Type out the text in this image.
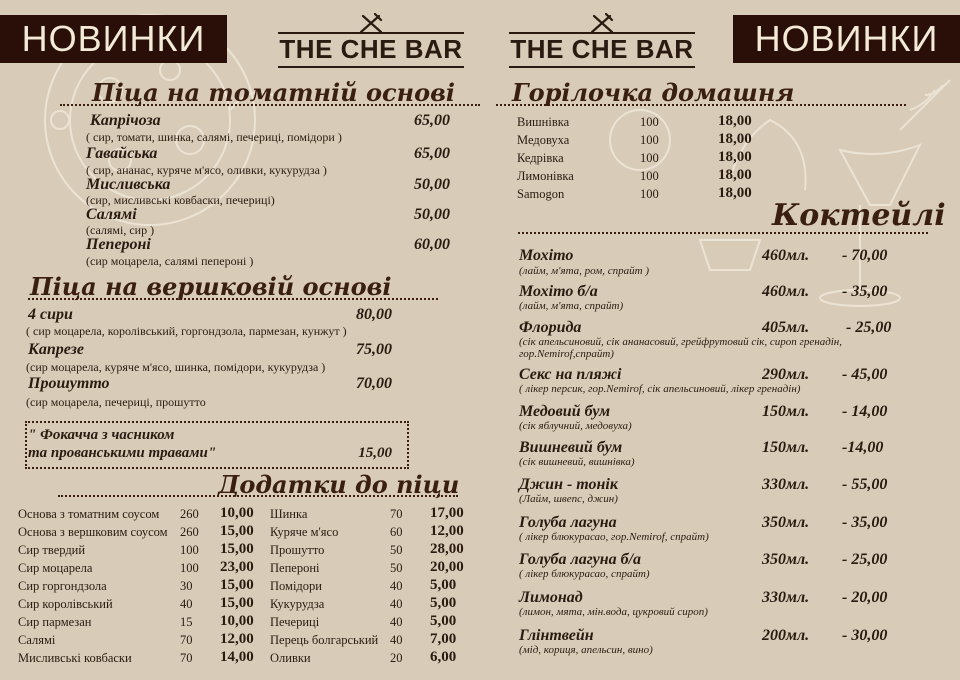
НОВИНКИ	НОВИНКИ
THE CHE BAR THE CHE BAR
Піца на томатній основі
Капрічоза	65,00
( сир, томати, шинка, салямі, печериці, помідори )
Гавайська	65,00
( сир, ананас, куряче м'ясо, оливки, кукурудза )
Мисливська	50,00
(сир, мисливські ковбаски, печериці)
Салямі	50,00
(салямі, сир )
Пепероні	60,00
(сир моцарела, салямі пепероні )
Піца на вершковій основі
4 сири	80,00
( сир моцарела, королівський, горгондзола, пармезан, кунжут )
Капрезе	75,00
(сир моцарела, куряче м'ясо, шинка, помідори, кукурудза )
Прошутто	70,00
(сир моцарела, печериці, прошутто
" Фокачча з часником
та прованськими травами"	15,00
Додатки до піци
Основа з томатним соусом 260 10,00
Основа з вершковим соусом 260 15,00
Сир твердий	100 15,00
Сир моцарела	100 23,00
Сир горгондзола	30 15,00
Сир королівський	40 15,00
Сир пармезан	15 10,00
Салямі	70 12,00
Мисливські ковбаски	70 14,00
Шинка	70 17,00
Куряче м'ясо	60 12,00
Прошутто	50 28,00
Пепероні	50 20,00
Помідори	40 5,00
Кукурудза	40 5,00
Печериці	40 5,00
Перець болгарський 40 7,00
Оливки	20 6,00
Горілочка домашня
Вишнівка	100	18,00
Медовуха	100	18,00
Кедрівка	100	18,00
Лимонівка	100	18,00
Samogon	100	18,00
Коктейлі
Мохіто	460мл. - 70,00
(лайм, м'ята, ром, спрайт )
Мохіто б/а	460мл. - 35,00
(лайм, м'ята, спрайт)
Флорида	405мл. - 25,00
(сік апельсиновий, сік ананасовий, грейфрутовий сік, сироп гренадін,
гор.Nemirof,спрайт)
Секс на пляжі	290мл. - 45,00
( лікер персик, гор.Nemirof, сік апельсиновий, лікер гренадін)
Медовий бум	150мл. - 14,00
(сік яблучний, медовуха)
Вишневий бум	150мл. -14,00
(сік вишневий, вишнівка)
Джин - тонік	330мл. - 55,00
(Лайм, швепс, джин)
Голуба лагуна	350мл. - 35,00
( лікер блюкурасао, гор.Nemirof, спрайт)
Голуба лагуна б/а	350мл. - 25,00
( лікер блюкурасао, спрайт)
Лимонад	330мл. - 20,00
(лимон, мята, мін.вода, цукровий сироп)
Глінтвейн	200мл. - 30,00
(мід, кориця, апельсин, вино)
